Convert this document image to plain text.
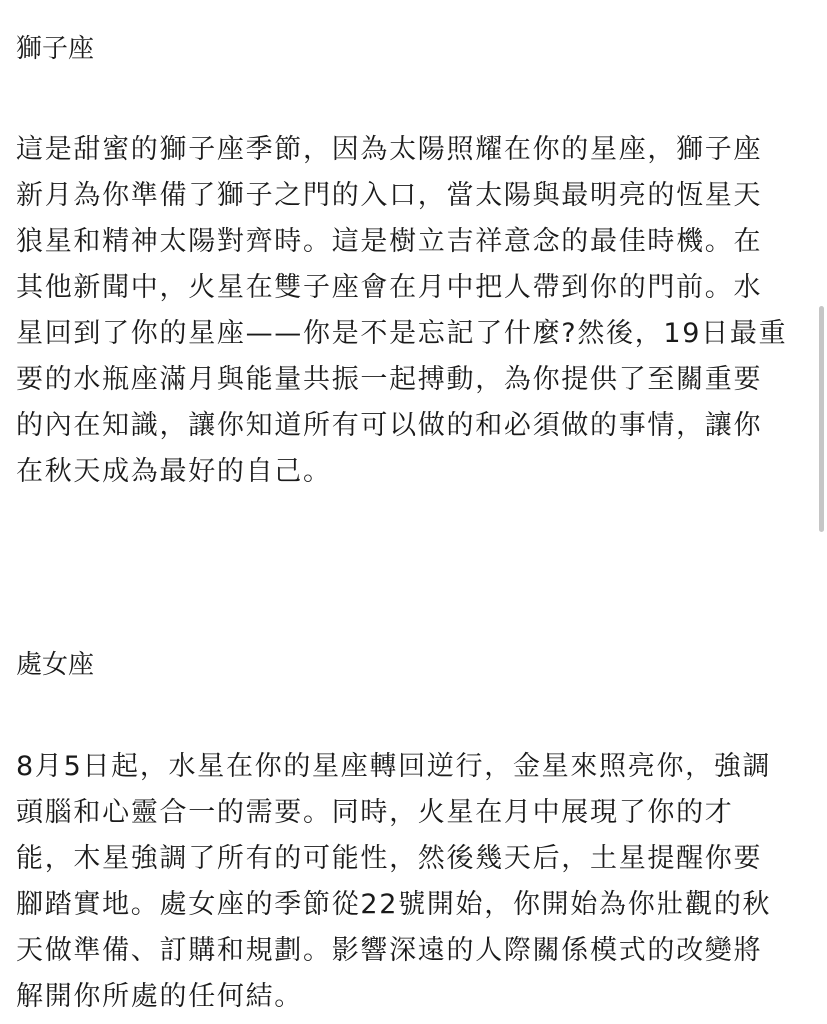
獅子座
這是甜蜜的獅子座季節，因為太陽照耀在你的星座，獅子座
新月為你準備了獅子之門的入口，當太陽與最明亮的恆星天
狼星和精神太陽對齊時。這是樹立吉祥意念的最佳時機。在
其他新聞中，火星在雙子座會在月中把人帶到你的門前。水
星回到了你的星座——你是不是忘記了什麼?然後，19日最重
要的水瓶座滿月與能量共振一起搏動，為你提供了至關重要
的內在知識，讓你知道所有可以做的和必須做的事情，讓你
在秋天成為最好的自己。
處女座
8月5日起，水星在你的星座轉回逆行，金星來照亮你，強調
頭腦和心靈合一的需要。同時，火星在月中展現了你的才
能，木星強調了所有的可能性，然後幾天后，土星提醒你要
腳踏實地。處女座的季節從22號開始，你開始為你壯觀的秋
天做準備、訂購和規劃。影響深遠的人際關係模式的改變將
解開你所處的任何結。
